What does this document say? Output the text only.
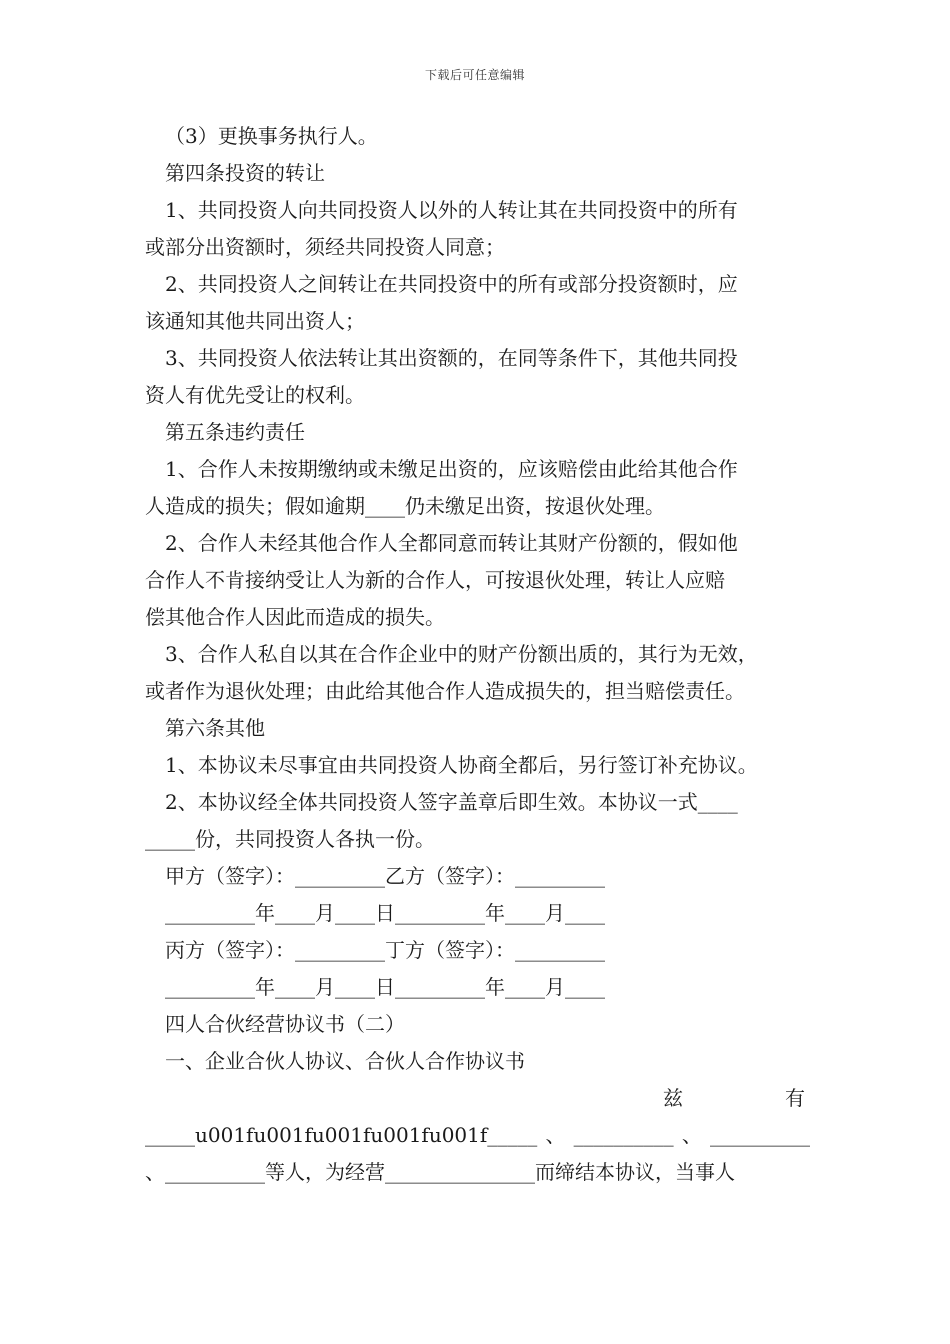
下载后可任意编辑
（3）更换事务执行人。
第四条投资的转让
1、共同投资人向共同投资人以外的人转让其在共同投资中的所有
或部分出资额时，须经共同投资人同意；
2、共同投资人之间转让在共同投资中的所有或部分投资额时，应
该通知其他共同出资人；
3、共同投资人依法转让其出资额的，在同等条件下，其他共同投
资人有优先受让的权利。
第五条违约责任
1、合作人未按期缴纳或未缴足出资的，应该赔偿由此给其他合作
人造成的损失；假如逾期____仍未缴足出资，按退伙处理。
2、合作人未经其他合作人全都同意而转让其财产份额的，假如他
合作人不肯接纳受让人为新的合作人，可按退伙处理，转让人应赔
偿其他合作人因此而造成的损失。
3、合作人私自以其在合作企业中的财产份额出质的，其行为无效，
或者作为退伙处理；由此给其他合作人造成损失的，担当赔偿责任。
第六条其他
1、本协议未尽事宜由共同投资人协商全都后，另行签订补充协议。
2、本协议经全体共同投资人签字盖章后即生效。本协议一式____
_____份，共同投资人各执一份。
甲方（签字）：_________乙方（签字）：_________
_________年____月____日_________年____月____
丙方（签字）：_________丁方（签字）：_________
_________年____月____日_________年____月____
四人合伙经营协议书（二）
一、企业合伙人协议、合伙人合作协议书
兹	有
_____u001fu001fu001fu001fu001f_____ 、 __________ 、 __________
、__________等人，为经营_______________而缔结本协议，当事人
